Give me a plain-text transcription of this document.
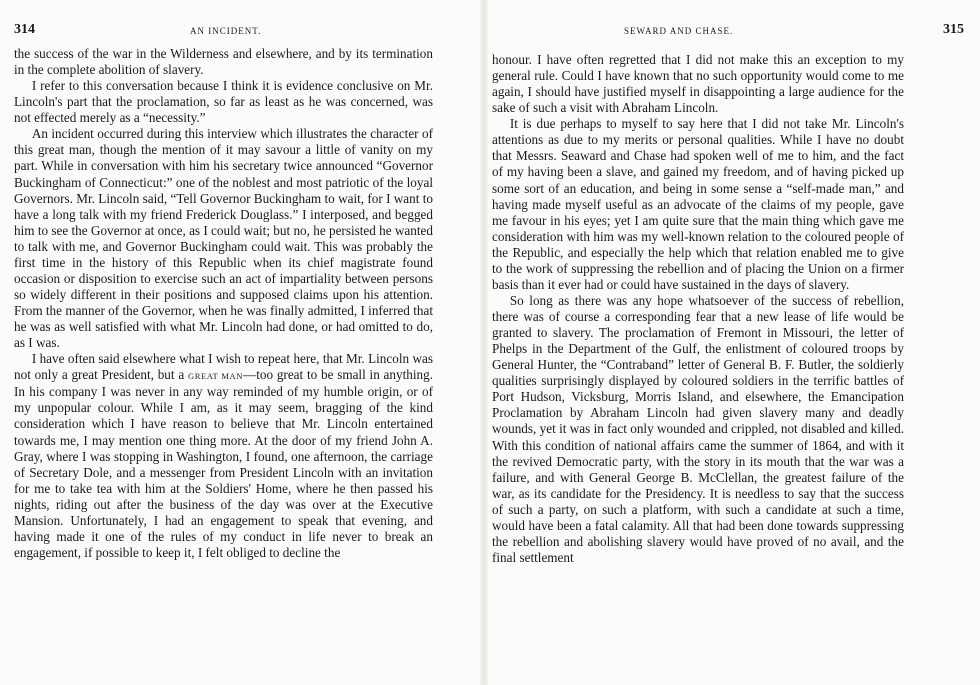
314	AN INCIDENT.

the success of the war in the Wilderness and elsewhere, and by its termination in the complete abolition of slavery.

I refer to this conversation because I think it is evidence conclusive on Mr. Lincoln's part that the proclamation, so far as least as he was concerned, was not effected merely as a “necessity.”

An incident occurred during this interview which illustrates the character of this great man, though the mention of it may savour a little of vanity on my part. While in conversation with him his secretary twice announced “Governor Buckingham of Connecticut:” one of the noblest and most patriotic of the loyal Governors. Mr. Lincoln said, “Tell Governor Buckingham to wait, for I want to have a long talk with my friend Frederick Douglass.” I interposed, and begged him to see the Governor at once, as I could wait; but no, he persisted he wanted to talk with me, and Governor Buckingham could wait. This was probably the first time in the history of this Republic when its chief magistrate found occasion or disposition to exercise such an act of impartiality between persons so widely different in their positions and supposed claims upon his attention. From the manner of the Governor, when he was finally admitted, I inferred that he was as well satisfied with what Mr. Lincoln had done, or had omitted to do, as I was.

I have often said elsewhere what I wish to repeat here, that Mr. Lincoln was not only a great President, but a GREAT MAN—too great to be small in anything. In his company I was never in any way reminded of my humble origin, or of my unpopular colour. While I am, as it may seem, bragging of the kind consideration which I have reason to believe that Mr. Lincoln entertained towards me, I may mention one thing more. At the door of my friend John A. Gray, where I was stopping in Washington, I found, one afternoon, the carriage of Secretary Dole, and a messenger from President Lincoln with an invitation for me to take tea with him at the Soldiers' Home, where he then passed his nights, riding out after the business of the day was over at the Executive Mansion. Unfortunately, I had an engagement to speak that evening, and having made it one of the rules of my conduct in life never to break an engagement, if possible to keep it, I felt obliged to decline the

SEWARD AND CHASE.	315

honour. I have often regretted that I did not make this an exception to my general rule. Could I have known that no such opportunity would come to me again, I should have justified myself in disappointing a large audience for the sake of such a visit with Abraham Lincoln.

It is due perhaps to myself to say here that I did not take Mr. Lincoln's attentions as due to my merits or personal qualities. While I have no doubt that Messrs. Seaward and Chase had spoken well of me to him, and the fact of my having been a slave, and gained my freedom, and of having picked up some sort of an education, and being in some sense a “self-made man,” and having made myself useful as an advocate of the claims of my people, gave me favour in his eyes; yet I am quite sure that the main thing which gave me consideration with him was my well-known relation to the coloured people of the Republic, and especially the help which that relation enabled me to give to the work of suppressing the rebellion and of placing the Union on a firmer basis than it ever had or could have sustained in the days of slavery.

So long as there was any hope whatsoever of the success of rebellion, there was of course a corresponding fear that a new lease of life would be granted to slavery. The proclamation of Fremont in Missouri, the letter of Phelps in the Department of the Gulf, the enlistment of coloured troops by General Hunter, the “Contraband” letter of General B. F. Butler, the soldierly qualities surprisingly displayed by coloured soldiers in the terrific battles of Port Hudson, Vicksburg, Morris Island, and elsewhere, the Emancipation Proclamation by Abraham Lincoln had given slavery many and deadly wounds, yet it was in fact only wounded and crippled, not disabled and killed. With this condition of national affairs came the summer of 1864, and with it the revived Democratic party, with the story in its mouth that the war was a failure, and with General George B. McClellan, the greatest failure of the war, as its candidate for the Presidency. It is needless to say that the success of such a party, on such a platform, with such a candidate at such a time, would have been a fatal calamity. All that had been done towards suppressing the rebellion and abolishing slavery would have proved of no avail, and the final settlement
